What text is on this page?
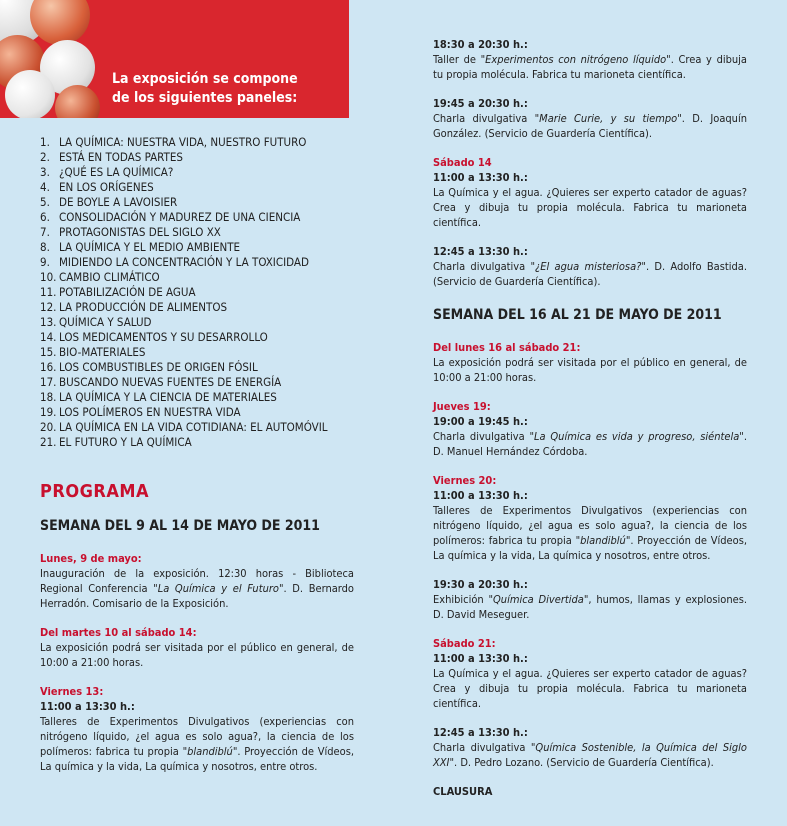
La exposición se compone
de los siguientes paneles:
1. LA QUÍMICA: NUESTRA VIDA, NUESTRO FUTURO
2. ESTÁ EN TODAS PARTES
3. ¿QUÉ ES LA QUÍMICA?
4. EN LOS ORÍGENES
5. DE BOYLE A LAVOISIER
6. CONSOLIDACIÓN Y MADUREZ DE UNA CIENCIA
7. PROTAGONISTAS DEL SIGLO XX
8. LA QUÍMICA Y EL MEDIO AMBIENTE
9. MIDIENDO LA CONCENTRACIÓN Y LA TOXICIDAD
10. CAMBIO CLIMÁTICO
11. POTABILIZACIÓN DE AGUA
12. LA PRODUCCIÓN DE ALIMENTOS
13. QUÍMICA Y SALUD
14. LOS MEDICAMENTOS Y SU DESARROLLO
15. BIO-MATERIALES
16. LOS COMBUSTIBLES DE ORIGEN FÓSIL
17. BUSCANDO NUEVAS FUENTES DE ENERGÍA
18. LA QUÍMICA Y LA CIENCIA DE MATERIALES
19. LOS POLÍMEROS EN NUESTRA VIDA
20. LA QUÍMICA EN LA VIDA COTIDIANA: EL AUTOMÓVIL
21. EL FUTURO Y LA QUÍMICA
PROGRAMA
SEMANA DEL 9 AL 14 DE MAYO DE 2011
Lunes, 9 de mayo:
Inauguración de la exposición. 12:30 horas - Biblioteca Regional Conferencia "La Química y el Futuro". D. Bernardo Herradón. Comisario de la Exposición.
Del martes 10 al sábado 14:
La exposición podrá ser visitada por el público en general, de 10:00 a 21:00 horas.
Viernes 13:
11:00 a 13:30 h.:
Talleres de Experimentos Divulgativos (experiencias con nitrógeno líquido, ¿el agua es solo agua?, la ciencia de los polímeros: fabrica tu propia "blandiblú". Proyección de Vídeos, La química y la vida, La química y nosotros, entre otros.
18:30 a 20:30 h.:
Taller de "Experimentos con nitrógeno líquido". Crea y dibuja tu propia molécula. Fabrica tu marioneta científica.
19:45 a 20:30 h.:
Charla divulgativa "Marie Curie, y su tiempo". D. Joaquín González. (Servicio de Guardería Científica).
Sábado 14
11:00 a 13:30 h.:
La Química y el agua. ¿Quieres ser experto catador de aguas? Crea y dibuja tu propia molécula. Fabrica tu marioneta científica.
12:45 a 13:30 h.:
Charla divulgativa "¿El agua misteriosa?". D. Adolfo Bastida. (Servicio de Guardería Científica).
SEMANA DEL 16 AL 21 DE MAYO DE 2011
Del lunes 16 al sábado 21:
La exposición podrá ser visitada por el público en general, de 10:00 a 21:00 horas.
Jueves 19:
19:00 a 19:45 h.:
Charla divulgativa "La Química es vida y progreso, siéntela". D. Manuel Hernández Córdoba.
Viernes 20:
11:00 a 13:30 h.:
Talleres de Experimentos Divulgativos (experiencias con nitrógeno líquido, ¿el agua es solo agua?, la ciencia de los polímeros: fabrica tu propia "blandiblú". Proyección de Vídeos, La química y la vida, La química y nosotros, entre otros.
19:30 a 20:30 h.:
Exhibición "Química Divertida", humos, llamas y explosiones. D. David Meseguer.
Sábado 21:
11:00 a 13:30 h.:
La Química y el agua. ¿Quieres ser experto catador de aguas? Crea y dibuja tu propia molécula. Fabrica tu marioneta científica.
12:45 a 13:30 h.:
Charla divulgativa "Química Sostenible, la Química del Siglo XXI". D. Pedro Lozano. (Servicio de Guardería Científica).
CLAUSURA
